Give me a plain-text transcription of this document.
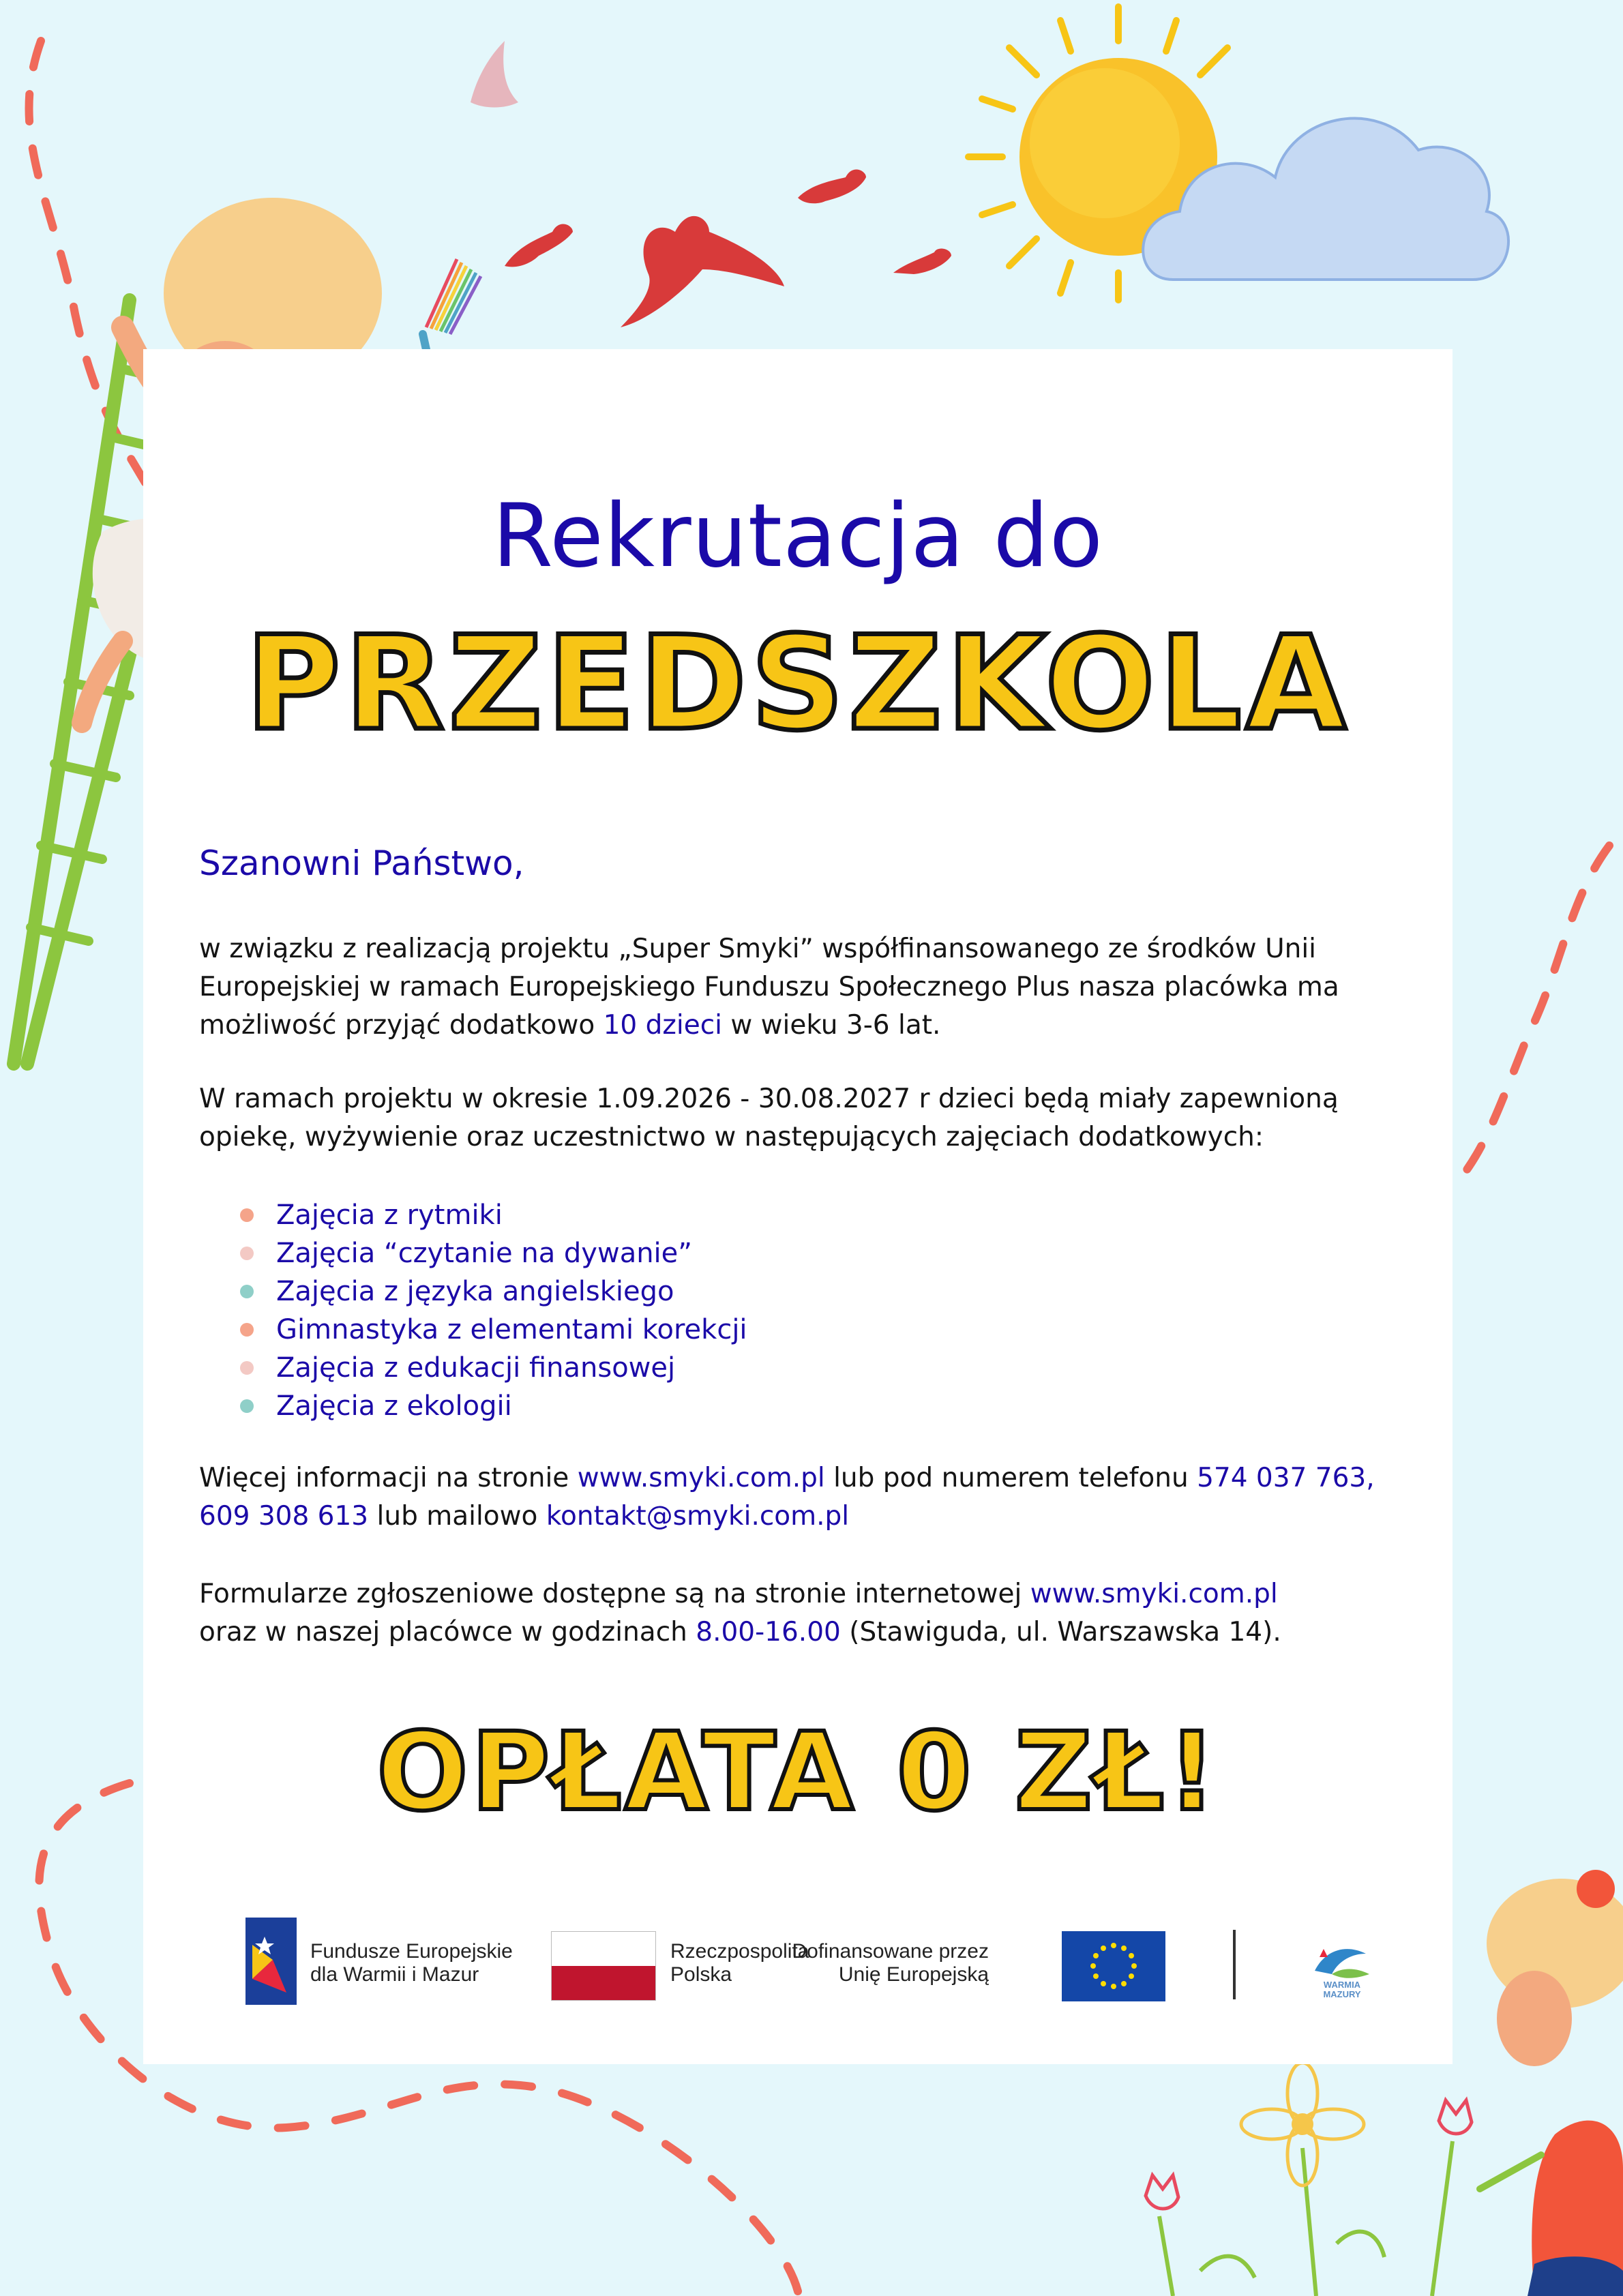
Rekrutacja do
PRZEDSZKOLA
Szanowni Państwo,
w związku z realizacją projektu „Super Smyki” współfinansowanego ze środków Unii Europejskiej w ramach Europejskiego Funduszu Społecznego Plus nasza placówka ma możliwość przyjąć dodatkowo 10 dzieci w wieku 3-6 lat.
W ramach projektu w okresie 1.09.2026 - 30.08.2027 r dzieci będą miały zapewnioną opiekę, wyżywienie oraz uczestnictwo w następujących zajęciach dodatkowych:
Zajęcia z rytmiki
Zajęcia “czytanie na dywanie”
Zajęcia z języka angielskiego
Gimnastyka z elementami korekcji
Zajęcia z edukacji finansowej
Zajęcia z ekologii
Więcej informacji na stronie www.smyki.com.pl lub pod numerem telefonu 574 037 763,
609 308 613 lub mailowo kontakt@smyki.com.pl
Formularze zgłoszeniowe dostępne są na stronie internetowej www.smyki.com.pl
oraz w naszej placówce w godzinach 8.00-16.00 (Stawiguda, ul. Warszawska 14).
OPŁATA 0 ZŁ!
Fundusze Europejskie
dla Warmii i Mazur
Rzeczpospolita
Polska
Dofinansowane przez
Unię Europejską	WARMIA MAZURY
